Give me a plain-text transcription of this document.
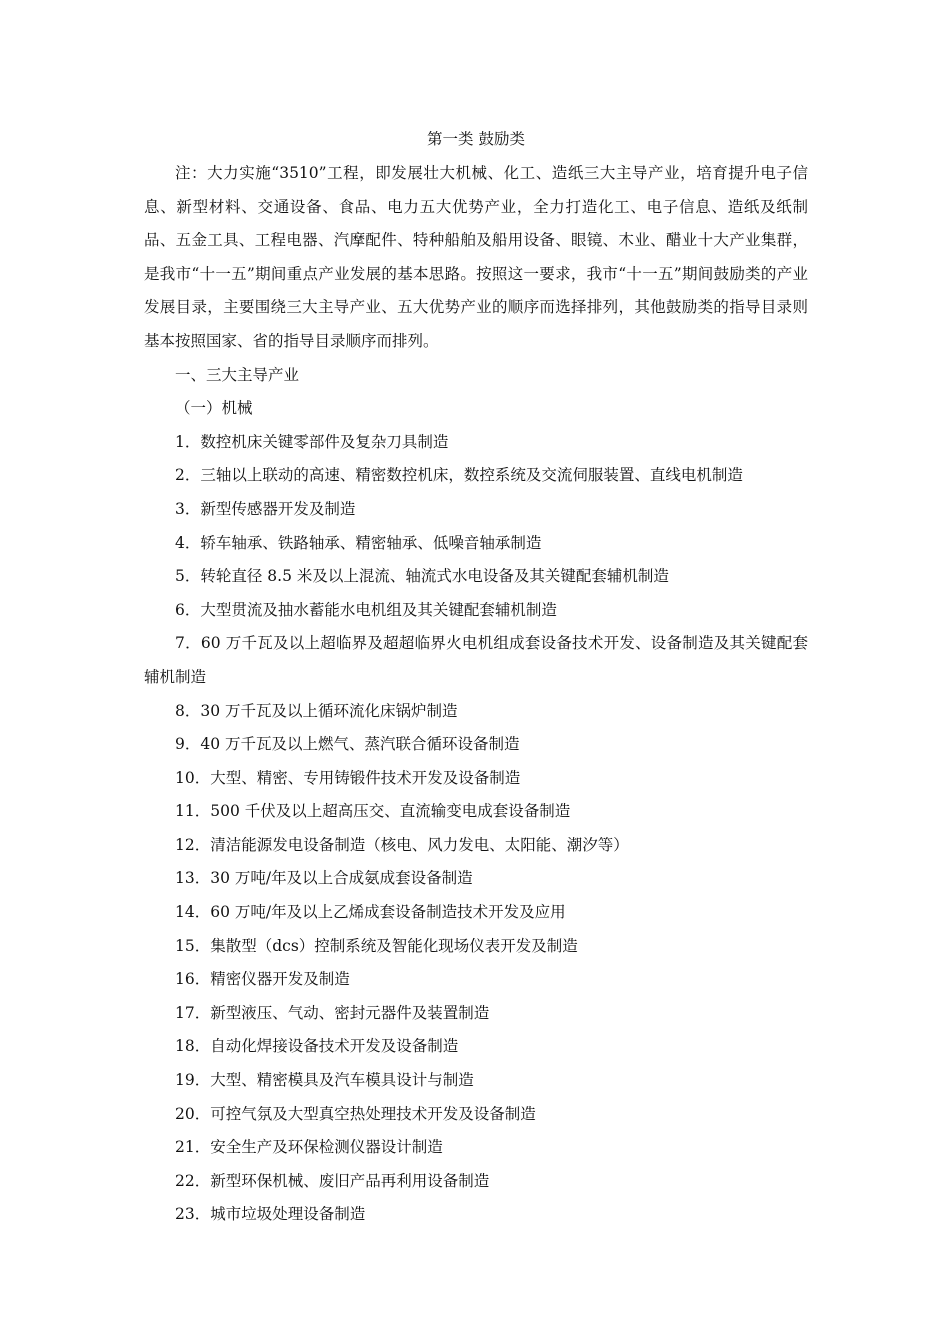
第一类 鼓励类

注：大力实施“3510”工程，即发展壮大机械、化工、造纸三大主导产业，培育提升电子信息、新型材料、交通设备、食品、电力五大优势产业，全力打造化工、电子信息、造纸及纸制品、五金工具、工程电器、汽摩配件、特种船舶及船用设备、眼镜、木业、醋业十大产业集群，是我市“十一五”期间重点产业发展的基本思路。按照这一要求，我市“十一五”期间鼓励类的产业发展目录，主要围绕三大主导产业、五大优势产业的顺序而选择排列，其他鼓励类的指导目录则基本按照国家、省的指导目录顺序而排列。

一、三大主导产业
（一）机械
1．数控机床关键零部件及复杂刀具制造
2．三轴以上联动的高速、精密数控机床，数控系统及交流伺服装置、直线电机制造
3．新型传感器开发及制造
4．轿车轴承、铁路轴承、精密轴承、低噪音轴承制造
5．转轮直径 8.5 米及以上混流、轴流式水电设备及其关键配套辅机制造
6．大型贯流及抽水蓄能水电机组及其关键配套辅机制造
7．60 万千瓦及以上超临界及超超临界火电机组成套设备技术开发、设备制造及其关键配套辅机制造
8．30 万千瓦及以上循环流化床锅炉制造
9．40 万千瓦及以上燃气、蒸汽联合循环设备制造
10．大型、精密、专用铸锻件技术开发及设备制造
11．500 千伏及以上超高压交、直流输变电成套设备制造
12．清洁能源发电设备制造（核电、风力发电、太阳能、潮汐等）
13．30 万吨/年及以上合成氨成套设备制造
14．60 万吨/年及以上乙烯成套设备制造技术开发及应用
15．集散型（dcs）控制系统及智能化现场仪表开发及制造
16．精密仪器开发及制造
17．新型液压、气动、密封元器件及装置制造
18．自动化焊接设备技术开发及设备制造
19．大型、精密模具及汽车模具设计与制造
20．可控气氛及大型真空热处理技术开发及设备制造
21．安全生产及环保检测仪器设计制造
22．新型环保机械、废旧产品再利用设备制造
23．城市垃圾处理设备制造
